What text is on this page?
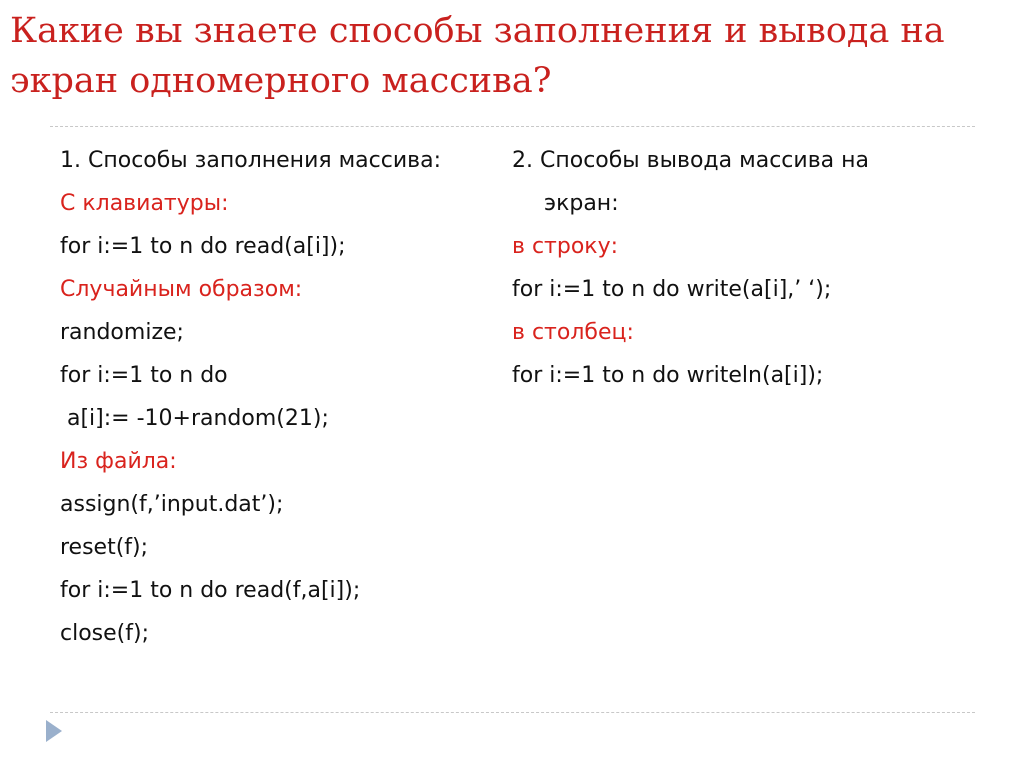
Какие вы знаете способы заполнения и вывода на экран одномерного массива?
1. Способы заполнения массива:
С клавиатуры:
for i:=1 to n do read(a[i]);
Случайным образом:
randomize;
for i:=1 to n do
a[i]:= -10+random(21);
Из файла:
assign(f,’input.dat’);
reset(f);
for i:=1 to n do read(f,a[i]);
close(f);
2. Способы вывода массива на
экран:
в строку:
for i:=1 to n do write(a[i],’ ‘);
в столбец:
for i:=1 to n do writeln(a[i]);
